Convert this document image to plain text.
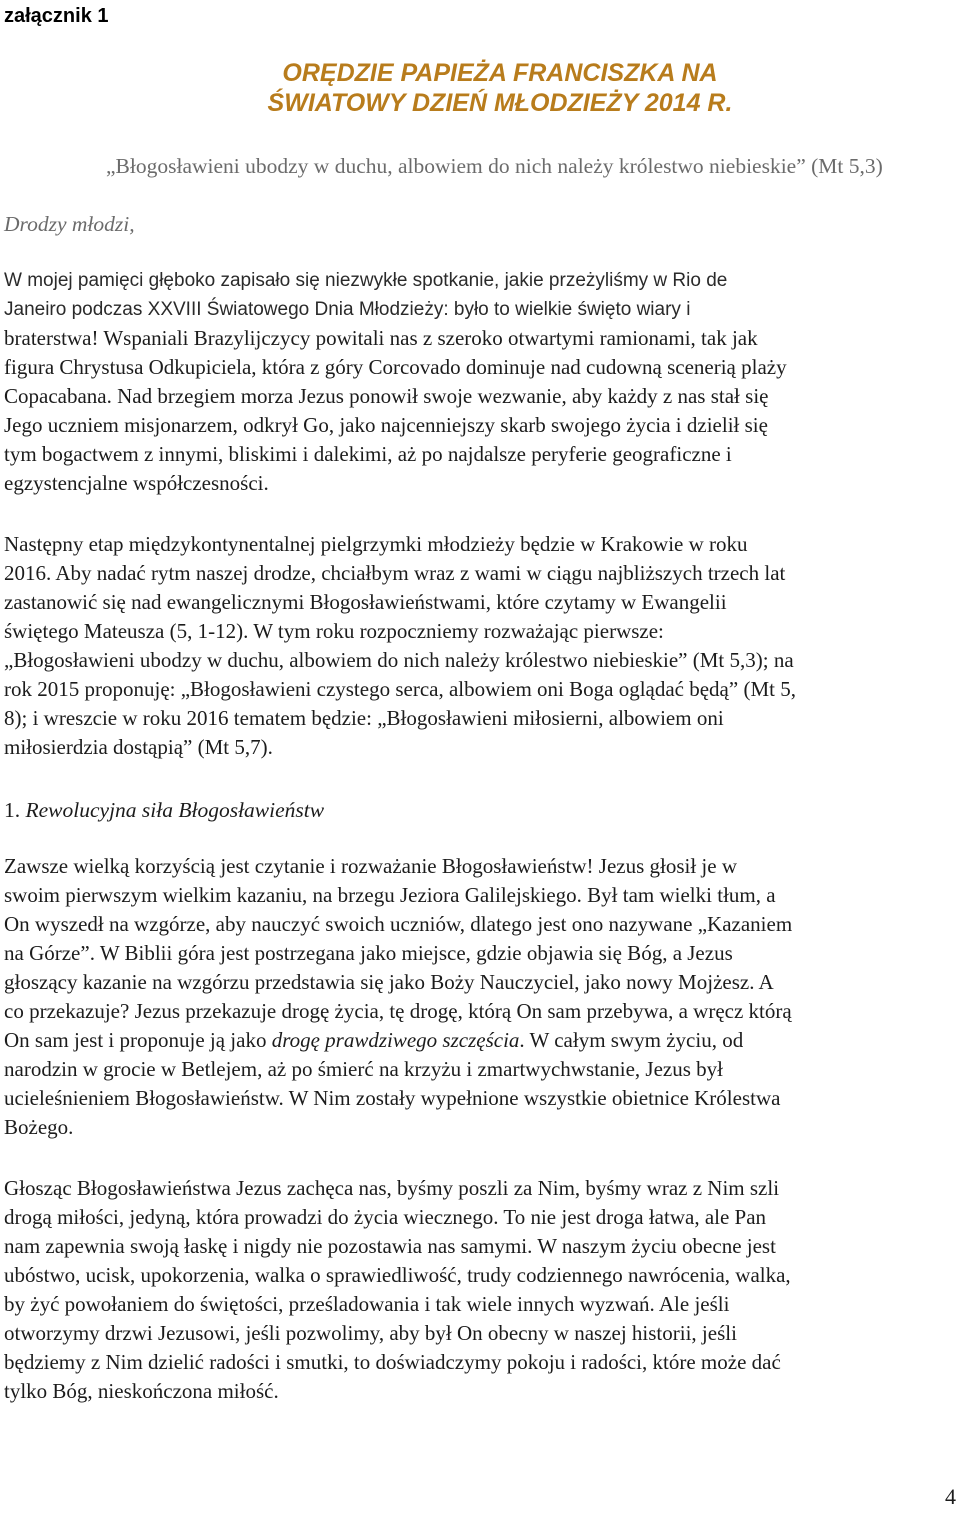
załącznik 1
ORĘDZIE PAPIEŻA FRANCISZKA NA
ŚWIATOWY DZIEŃ MŁODZIEŻY 2014 R.
„Błogosławieni ubodzy w duchu, albowiem do nich należy królestwo niebieskie” (Mt 5,3)
Drodzy młodzi,
W mojej pamięci głęboko zapisało się niezwykłe spotkanie, jakie przeżyliśmy w Rio de
Janeiro podczas XXVIII Światowego Dnia Młodzieży: było to wielkie święto wiary i
braterstwa! Wspaniali Brazylijczycy powitali nas z szeroko otwartymi ramionami, tak jak
figura Chrystusa Odkupiciela, która z góry Corcovado dominuje nad cudowną scenerią plaży
Copacabana. Nad brzegiem morza Jezus ponowił swoje wezwanie, aby każdy z nas stał się
Jego uczniem misjonarzem, odkrył Go, jako najcenniejszy skarb swojego życia i dzielił się
tym bogactwem z innymi, bliskimi i dalekimi, aż po najdalsze peryferie geograficzne i
egzystencjalne współczesności.
Następny etap międzykontynentalnej pielgrzymki młodzieży będzie w Krakowie w roku
2016. Aby nadać rytm naszej drodze, chciałbym wraz z wami w ciągu najbliższych trzech lat
zastanowić się nad ewangelicznymi Błogosławieństwami, które czytamy w Ewangelii
świętego Mateusza (5, 1-12). W tym roku rozpoczniemy rozważając pierwsze:
„Błogosławieni ubodzy w duchu, albowiem do nich należy królestwo niebieskie” (Mt 5,3); na
rok 2015 proponuję: „Błogosławieni czystego serca, albowiem oni Boga oglądać będą” (Mt 5,
8); i wreszcie w roku 2016 tematem będzie: „Błogosławieni miłosierni, albowiem oni
miłosierdzia dostąpią” (Mt 5,7).
1. Rewolucyjna siła Błogosławieństw
Zawsze wielką korzyścią jest czytanie i rozważanie Błogosławieństw! Jezus głosił je w
swoim pierwszym wielkim kazaniu, na brzegu Jeziora Galilejskiego. Był tam wielki tłum, a
On wyszedł na wzgórze, aby nauczyć swoich uczniów, dlatego jest ono nazywane „Kazaniem
na Górze”. W Biblii góra jest postrzegana jako miejsce, gdzie objawia się Bóg, a Jezus
głoszący kazanie na wzgórzu przedstawia się jako Boży Nauczyciel, jako nowy Mojżesz. A
co przekazuje? Jezus przekazuje drogę życia, tę drogę, którą On sam przebywa, a wręcz którą
On sam jest i proponuje ją jako drogę prawdziwego szczęścia. W całym swym życiu, od
narodzin w grocie w Betlejem, aż po śmierć na krzyżu i zmartwychwstanie, Jezus był
ucieleśnieniem Błogosławieństw. W Nim zostały wypełnione wszystkie obietnice Królestwa
Bożego.
Głosząc Błogosławieństwa Jezus zachęca nas, byśmy poszli za Nim, byśmy wraz z Nim szli
drogą miłości, jedyną, która prowadzi do życia wiecznego. To nie jest droga łatwa, ale Pan
nam zapewnia swoją łaskę i nigdy nie pozostawia nas samymi. W naszym życiu obecne jest
ubóstwo, ucisk, upokorzenia, walka o sprawiedliwość, trudy codziennego nawrócenia, walka,
by żyć powołaniem do świętości, prześladowania i tak wiele innych wyzwań. Ale jeśli
otworzymy drzwi Jezusowi, jeśli pozwolimy, aby był On obecny w naszej historii, jeśli
będziemy z Nim dzielić radości i smutki, to doświadczymy pokoju i radości, które może dać
tylko Bóg, nieskończona miłość.
4
